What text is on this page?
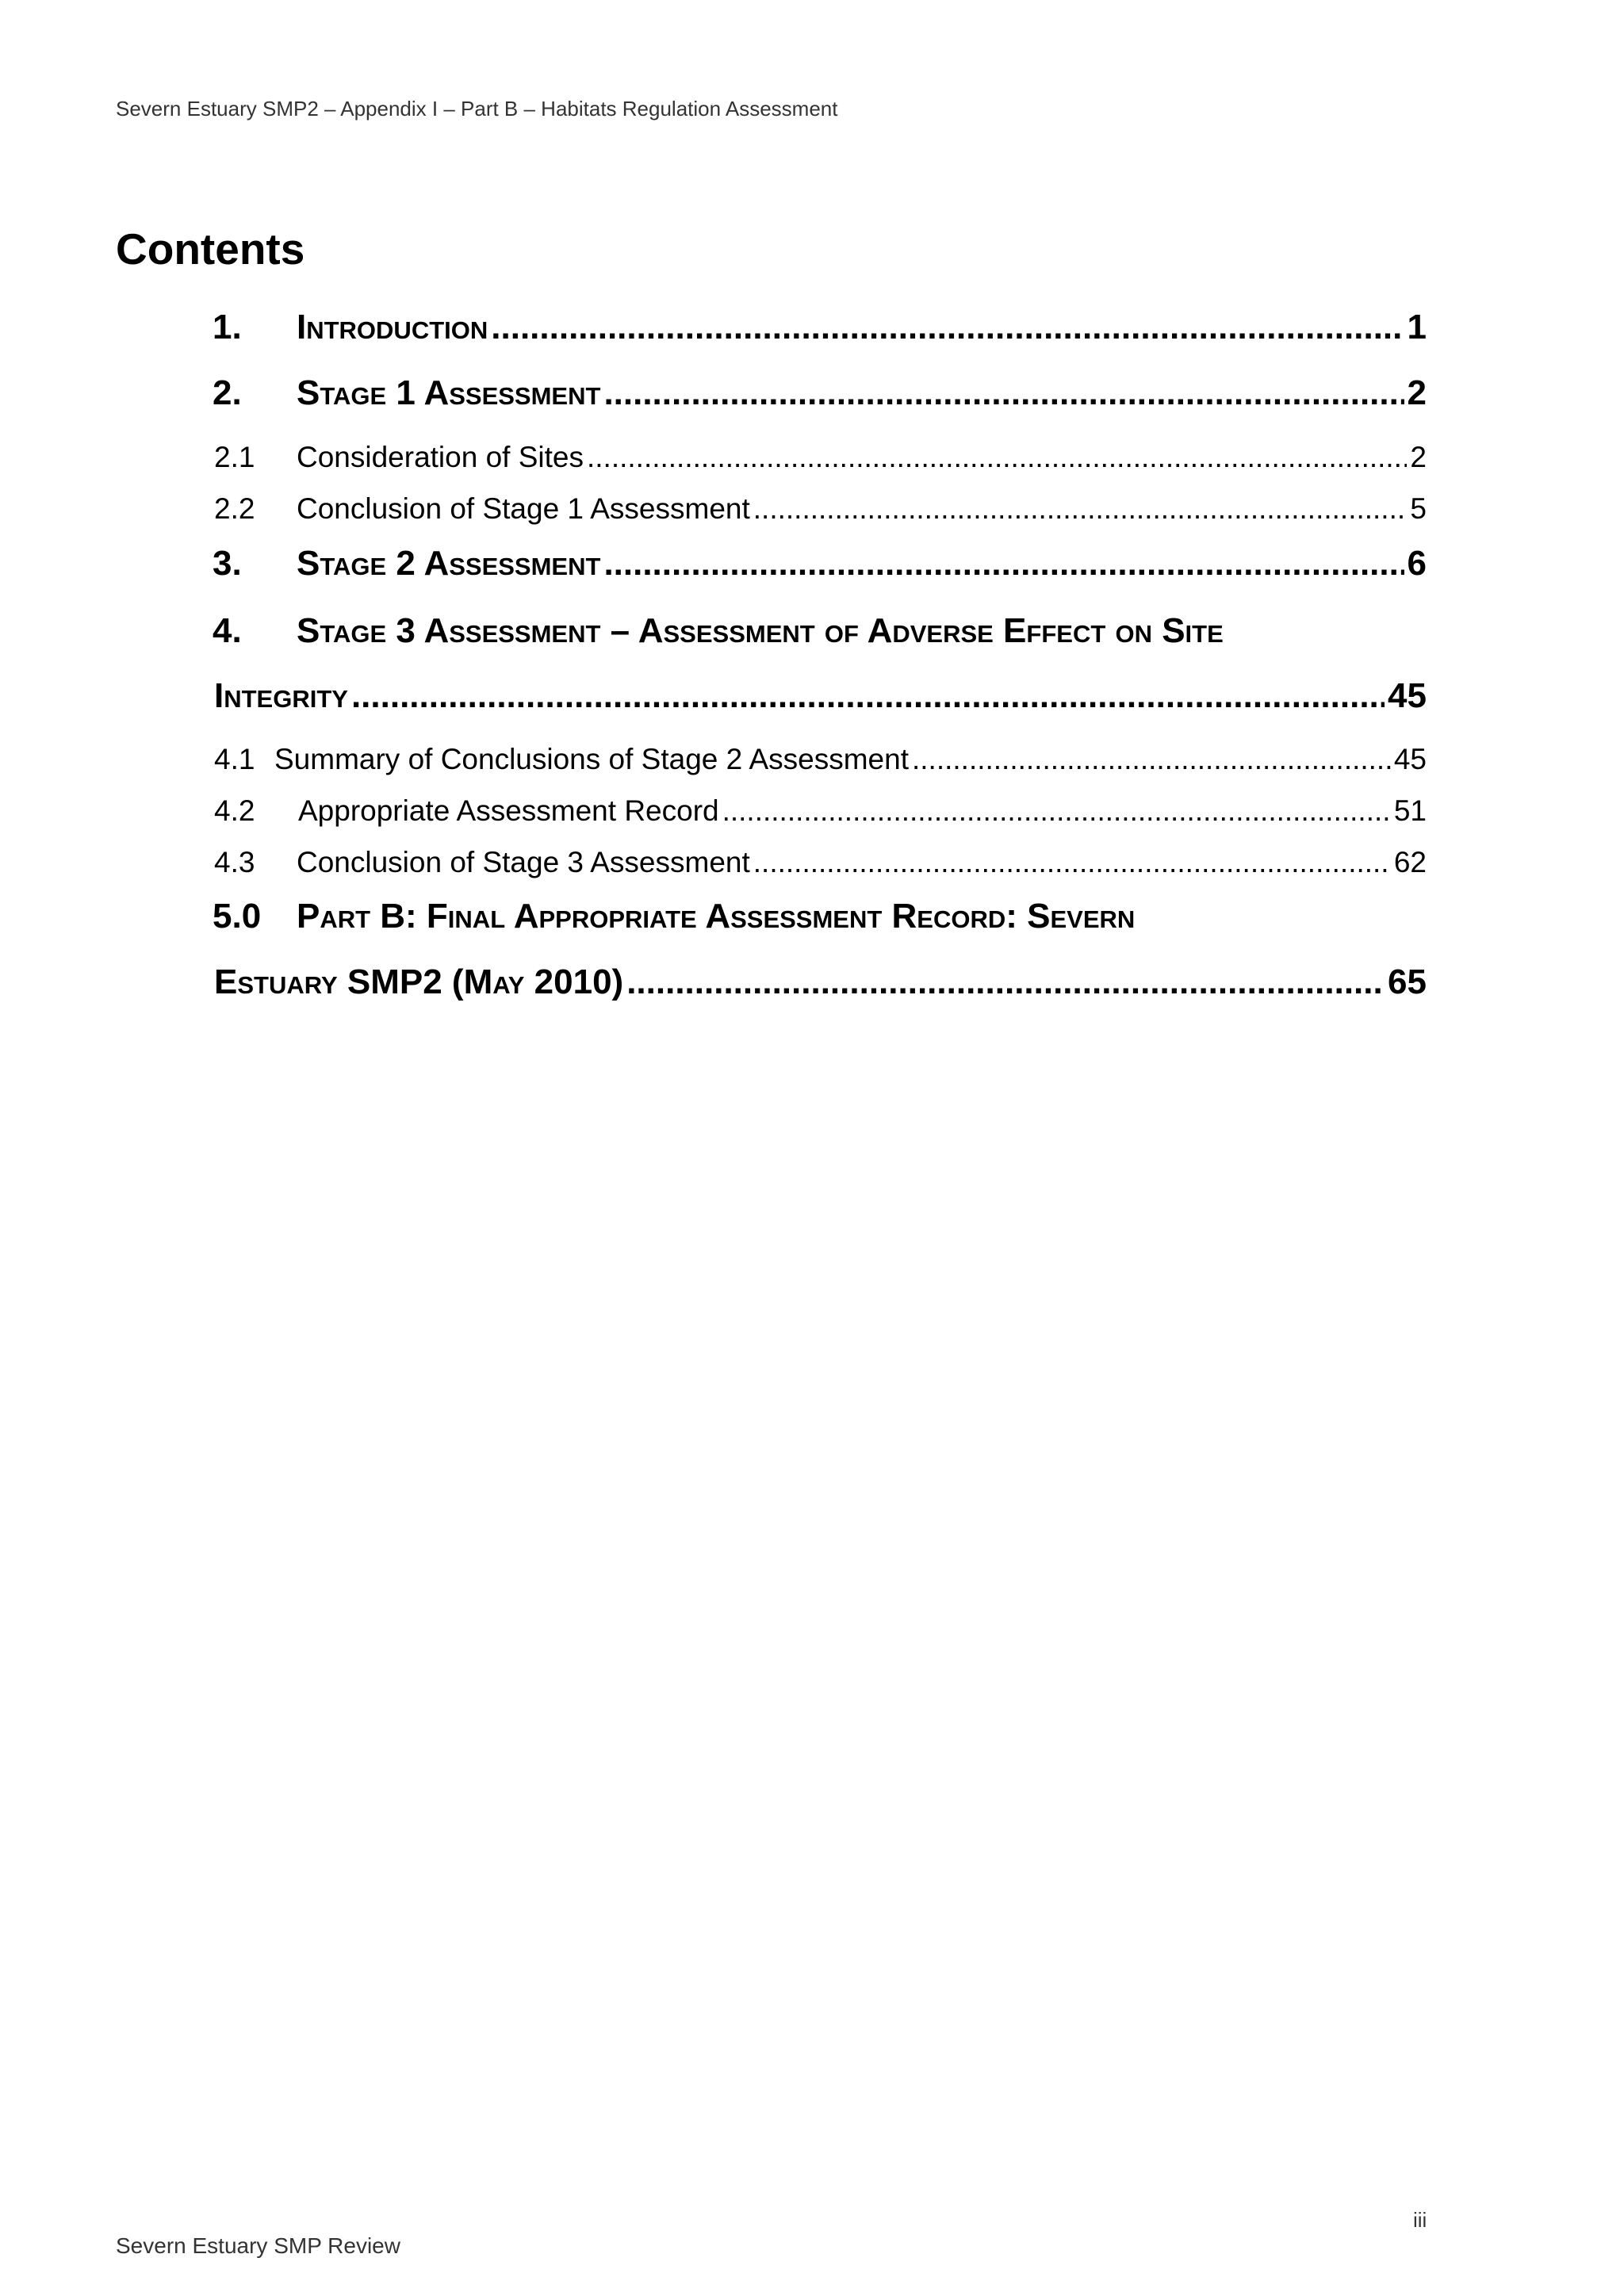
Severn Estuary SMP2 – Appendix I – Part B – Habitats Regulation Assessment
Contents
1.	Introduction .....	1
2.	Stage 1 Assessment .....	2
2.1	Consideration of Sites .....	2
2.2	Conclusion of Stage 1 Assessment .....	5
3.	Stage 2 Assessment .....	6
4.	Stage 3 Assessment – Assessment of Adverse Effect on Site
Integrity .....	45
4.1 Summary of Conclusions of Stage 2 Assessment .....	45
4.2	Appropriate Assessment Record .....	51
4.3	Conclusion of Stage 3 Assessment .....	62
5.0	Part B: Final Appropriate Assessment Record: Severn
Estuary SMP2 (May 2010) .....	65
iii
Severn Estuary SMP Review
